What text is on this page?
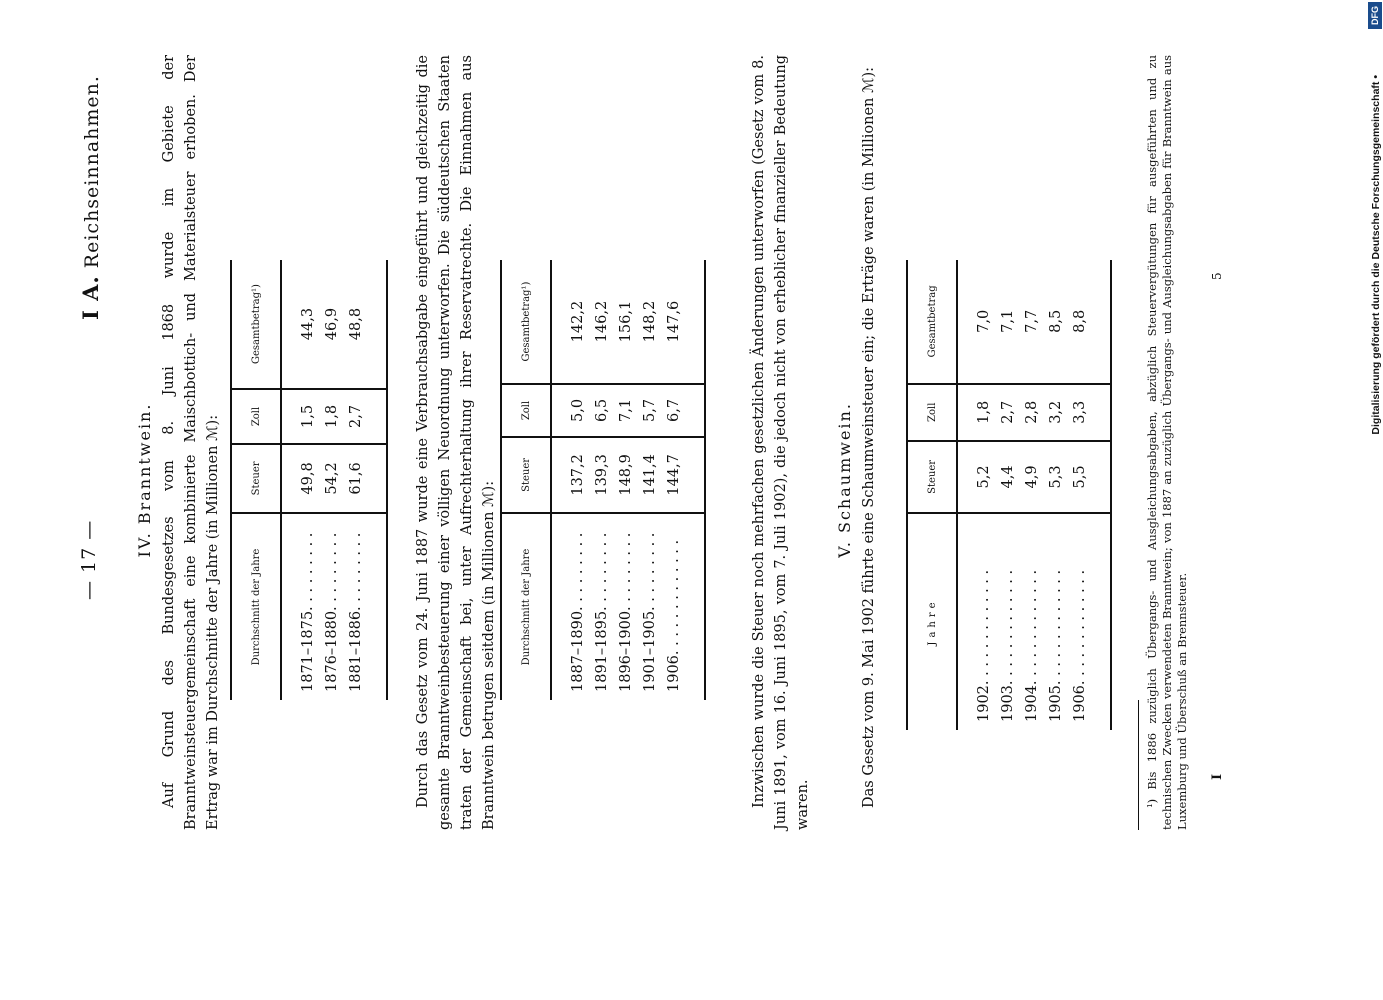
— 17 —
I A. Reichseinnahmen.
IV. Branntwein. Auf Grund des Bundesgesetzes vom 8. Juni 1868 wurde im Gebiete der Branntweinsteuergemeinschaft eine kombinierte Maischbottich- und Materialsteuer erhoben. Der Ertrag war im Durchschnitte der Jahre (in Millionen ℳ):	Durchschnitt der Jahre	Steuer	Zoll	Gesamtbetrag¹)
1871–1875. . . . . . . . .	49,8	1,5	44,3
1876–1880. . . . . . . . .	54,2	1,8	46,9
1881–1886. . . . . . . . .	61,6	2,7	48,8
				Durch das Gesetz vom 24. Juni 1887 wurde eine Verbrauchsabgabe eingeführt und gleichzeitig die gesamte Branntweinbesteuerung einer völligen Neuordnung unterworfen. Die süddeutschen Staaten traten der Gemeinschaft bei, unter Aufrechterhaltung ihrer Reservatrechte. Die Einnahmen aus Branntwein betrugen seitdem (in Millionen ℳ):	Durchschnitt der Jahre	Steuer	Zoll	Gesamtbetrag¹)
1887–1890. . . . . . . . .	137,2	5,0	142,2
1891–1895. . . . . . . . .	139,3	6,5	146,2
1896–1900. . . . . . . . .	148,9	7,1	156,1
1901–1905. . . . . . . . .	141,4	5,7	148,2
1906. . . . . . . . . . . . .	144,7	6,7	147,6
				Inzwischen wurde die Steuer noch mehrfachen gesetzlichen Änderungen unterworfen (Gesetz vom 8. Juni 1891, vom 16. Juni 1895, vom 7. Juli 1902), die jedoch nicht von erheblicher finanzieller Bedeutung waren.
V. Schaumwein. Das Gesetz vom 9. Mai 1902 führte eine Schaumweinsteuer ein; die Erträge waren (in Millionen ℳ):	Jahre	Steuer	Zoll	Gesamtbetrag
1902. . . . . . . . . . . . .	5,2	1,8	7,0
1903. . . . . . . . . . . . .	4,4	2,7	7,1
1904. . . . . . . . . . . . .	4,9	2,8	7,7
1905. . . . . . . . . . . . .	5,3	3,2	8,5
1906. . . . . . . . . . . . .	5,5	3,3	8,8
				¹) Bis 1886 zuzüglich Übergangs- und Ausgleichungsabgaben, abzüglich Steuervergütungen für ausgeführten und zu technischen Zwecken verwendeten Branntwein; von 1887 an zuzüglich Übergangs- und Ausgleichungsabgaben für Branntwein aus Luxemburg und Überschuß an Brennsteuer. I
5	Digitalisierung gefördert durch die Deutsche Forschungsgemeinschaft •
DFG
